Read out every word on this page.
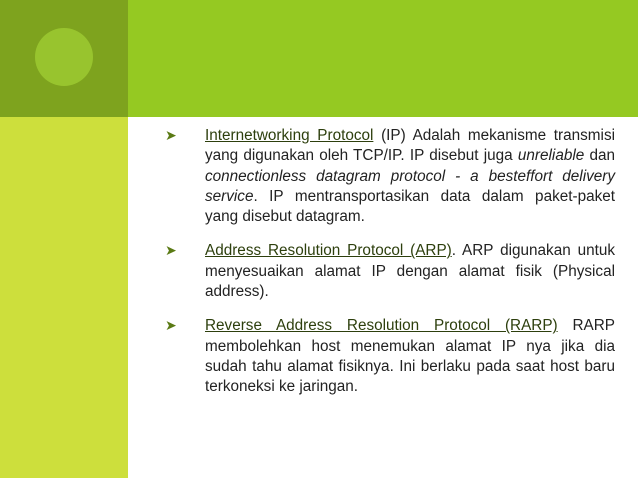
➤	Internetworking Protocol (IP) Adalah mekanisme transmisi yang digunakan oleh TCP/IP. IP disebut juga unreliable dan connectionless datagram protocol - a besteffort delivery service. IP mentransportasikan data dalam paket-paket yang disebut datagram.
➤	Address Resolution Protocol (ARP). ARP digunakan untuk menyesuaikan alamat IP dengan alamat fisik (Physical address).
➤	Reverse Address Resolution Protocol (RARP) RARP membolehkan host menemukan alamat IP nya jika dia sudah tahu alamat fisiknya. Ini berlaku pada saat host baru terkoneksi ke jaringan.
